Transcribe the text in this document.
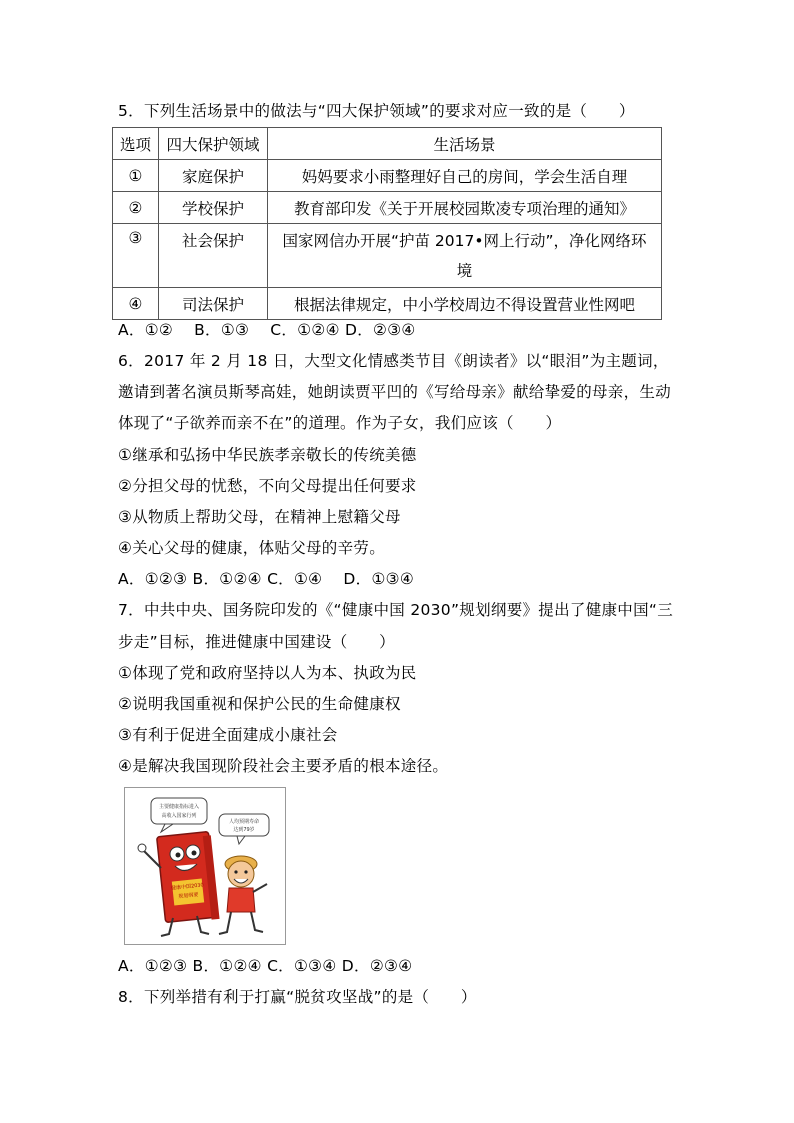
5．下列生活场景中的做法与“四大保护领域”的要求对应一致的是（　　）
选项	四大保护领域	生活场景
①	家庭保护	妈妈要求小雨整理好自己的房间，学会生活自理
②	学校保护	教育部印发《关于开展校园欺凌专项治理的通知》
③	社会保护	国家网信办开展“护苗 2017•网上行动”，净化网络环
境

④	司法保护	根据法律规定，中小学校周边不得设置营业性网吧
A．①②　 B．①③　 C．①②④ D．②③④
6．2017 年 2 月 18 日，大型文化情感类节目《朗读者》以“眼泪”为主题词，
邀请到著名演员斯琴高娃，她朗读贾平凹的《写给母亲》献给挚爱的母亲，生动
体现了“子欲养而亲不在”的道理。作为子女，我们应该（　　）
①继承和弘扬中华民族孝亲敬长的传统美德
②分担父母的忧愁，不向父母提出任何要求
③从物质上帮助父母，在精神上慰籍父母
④关心父母的健康，体贴父母的辛劳。
A．①②③ B．①②④ C．①④　 D．①③④
7．中共中央、国务院印发的《“健康中国 2030”规划纲要》提出了健康中国“三
步走”目标，推进健康中国建设（　　）
①体现了党和政府坚持以人为本、执政为民
②说明我国重视和保护公民的生命健康权
③有利于促进全面建成小康社会
④是解决我国现阶段社会主要矛盾的根本途径。
主要健康指标进入
高收入国家行列
人均预期寿命
达到79岁
健康中国2030
规划纲要
A．①②③ B．①②④ C．①③④ D．②③④
8．下列举措有利于打赢“脱贫攻坚战”的是（　　）
